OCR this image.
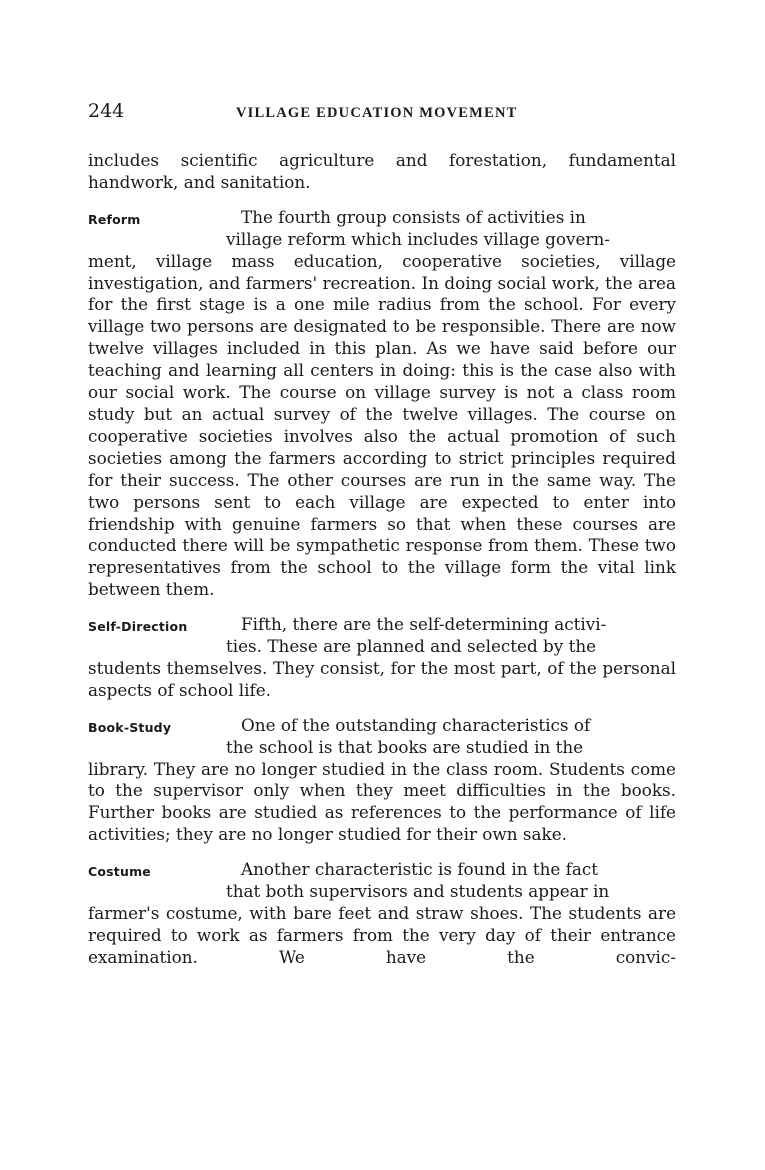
244	VILLAGE EDUCATION MOVEMENT

includes scientific agriculture and forestation, fundamental handwork, and sanitation.

Reform	The fourth group consists of activities in
village reform which includes village govern-

ment, village mass education, cooperative societies, village investigation, and farmers' recreation. In doing social work, the area for the first stage is a one mile radius from the school. For every village two persons are designated to be responsible. There are now twelve villages included in this plan. As we have said before our teaching and learning all centers in doing: this is the case also with our social work. The course on village survey is not a class room study but an actual survey of the twelve villages. The course on cooperative societies involves also the actual promotion of such societies among the farmers according to strict principles required for their success. The other courses are run in the same way. The two persons sent to each village are expected to enter into friendship with genuine farmers so that when these courses are conducted there will be sympathetic response from them. These two representatives from the school to the village form the vital link between them.

Self-Direction	Fifth, there are the self-determining activi-
ties. These are planned and selected by the

students themselves. They consist, for the most part, of the personal aspects of school life.

Book-Study	One of the outstanding characteristics of
the school is that books are studied in the

library. They are no longer studied in the class room. Students come to the supervisor only when they meet difficulties in the books. Further books are studied as references to the performance of life activities; they are no longer studied for their own sake.

Costume	Another characteristic is found in the fact
that both supervisors and students appear in

farmer's costume, with bare feet and straw shoes. The students are required to work as farmers from the very day of their entrance examination. We have the convic-
